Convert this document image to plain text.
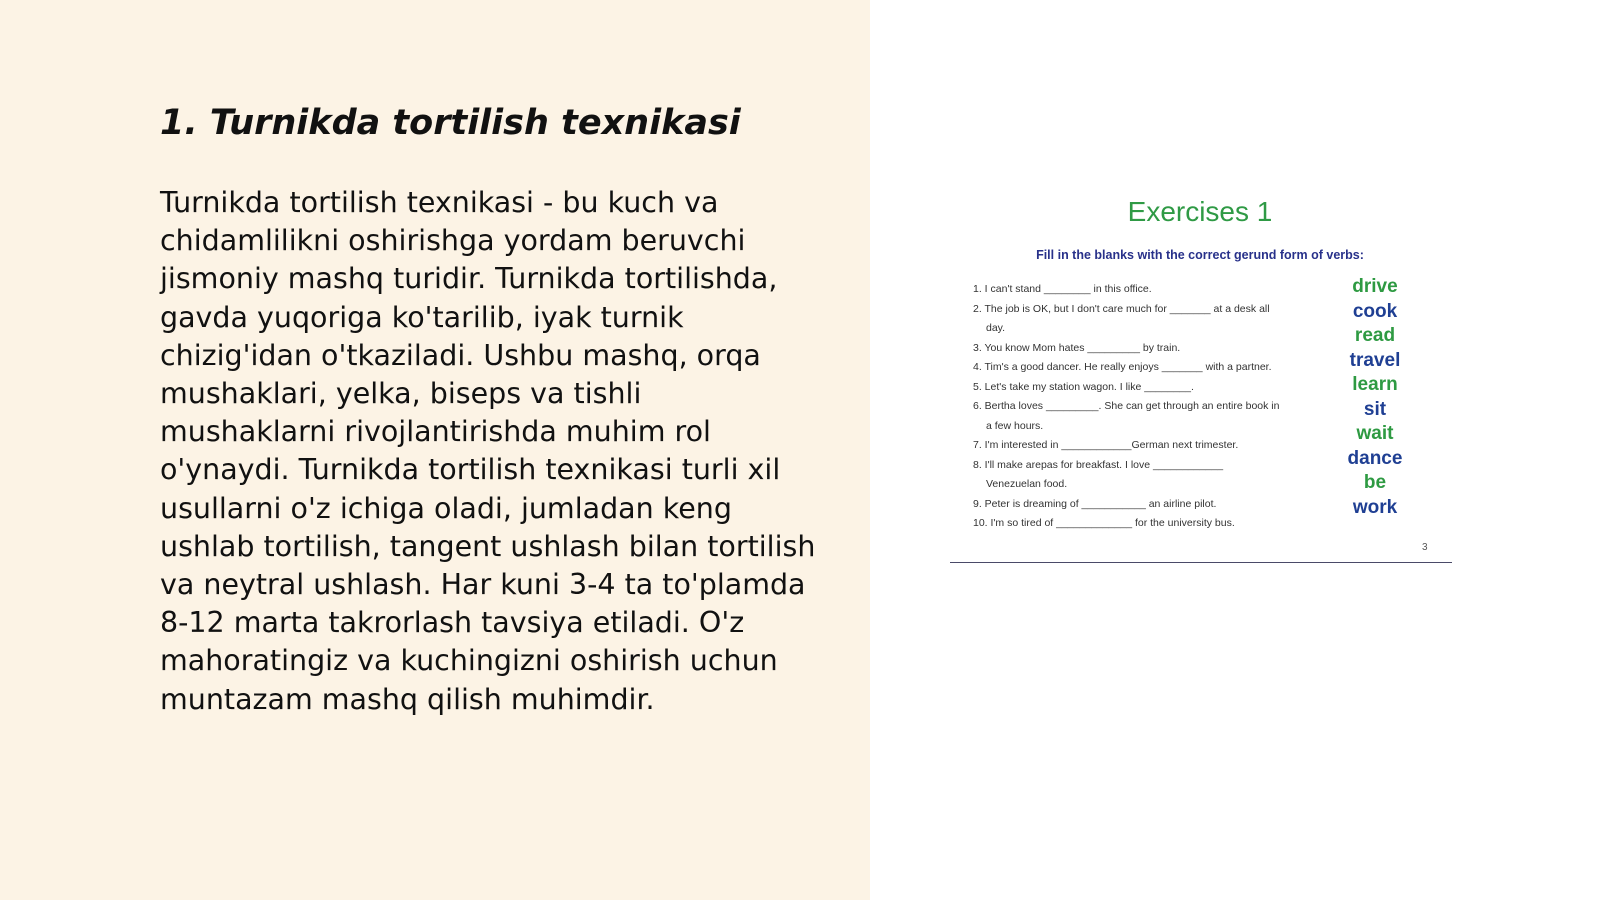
1. Turnikda tortilish texnikasi

Turnikda tortilish texnikasi - bu kuch va chidamlilikni oshirishga yordam beruvchi jismoniy mashq turidir. Turnikda tortilishda, gavda yuqoriga ko'tarilib, iyak turnik chizig'idan o'tkaziladi. Ushbu mashq, orqa mushaklari, yelka, biseps va tishli mushaklarni rivojlantirishda muhim rol o'ynaydi. Turnikda tortilish texnikasi turli xil usullarni o'z ichiga oladi, jumladan keng ushlab tortilish, tangent ushlash bilan tortilish va neytral ushlash. Har kuni 3-4 ta to'plamda 8-12 marta takrorlash tavsiya etiladi. O'z mahoratingiz va kuchingizni oshirish uchun muntazam mashq qilish muhimdir.

Exercises 1
Fill in the blanks with the correct gerund form of verbs:
1. I can't stand ________ in this office.
2. The job is OK, but I don't care much for _______ at a desk all
day.
3. You know Mom hates _________ by train.
4. Tim's a good dancer. He really enjoys _______ with a partner.
5. Let's take my station wagon. I like ________.
6. Bertha loves _________. She can get through an entire book in
a few hours.
7. I'm interested in ____________German next trimester.
8. I'll make arepas for breakfast. I love ____________
Venezuelan food.
9. Peter is dreaming of ___________ an airline pilot.
10. I'm so tired of _____________ for the university bus.
drive
cook
read
travel
learn
sit
wait
dance
be
work
3
